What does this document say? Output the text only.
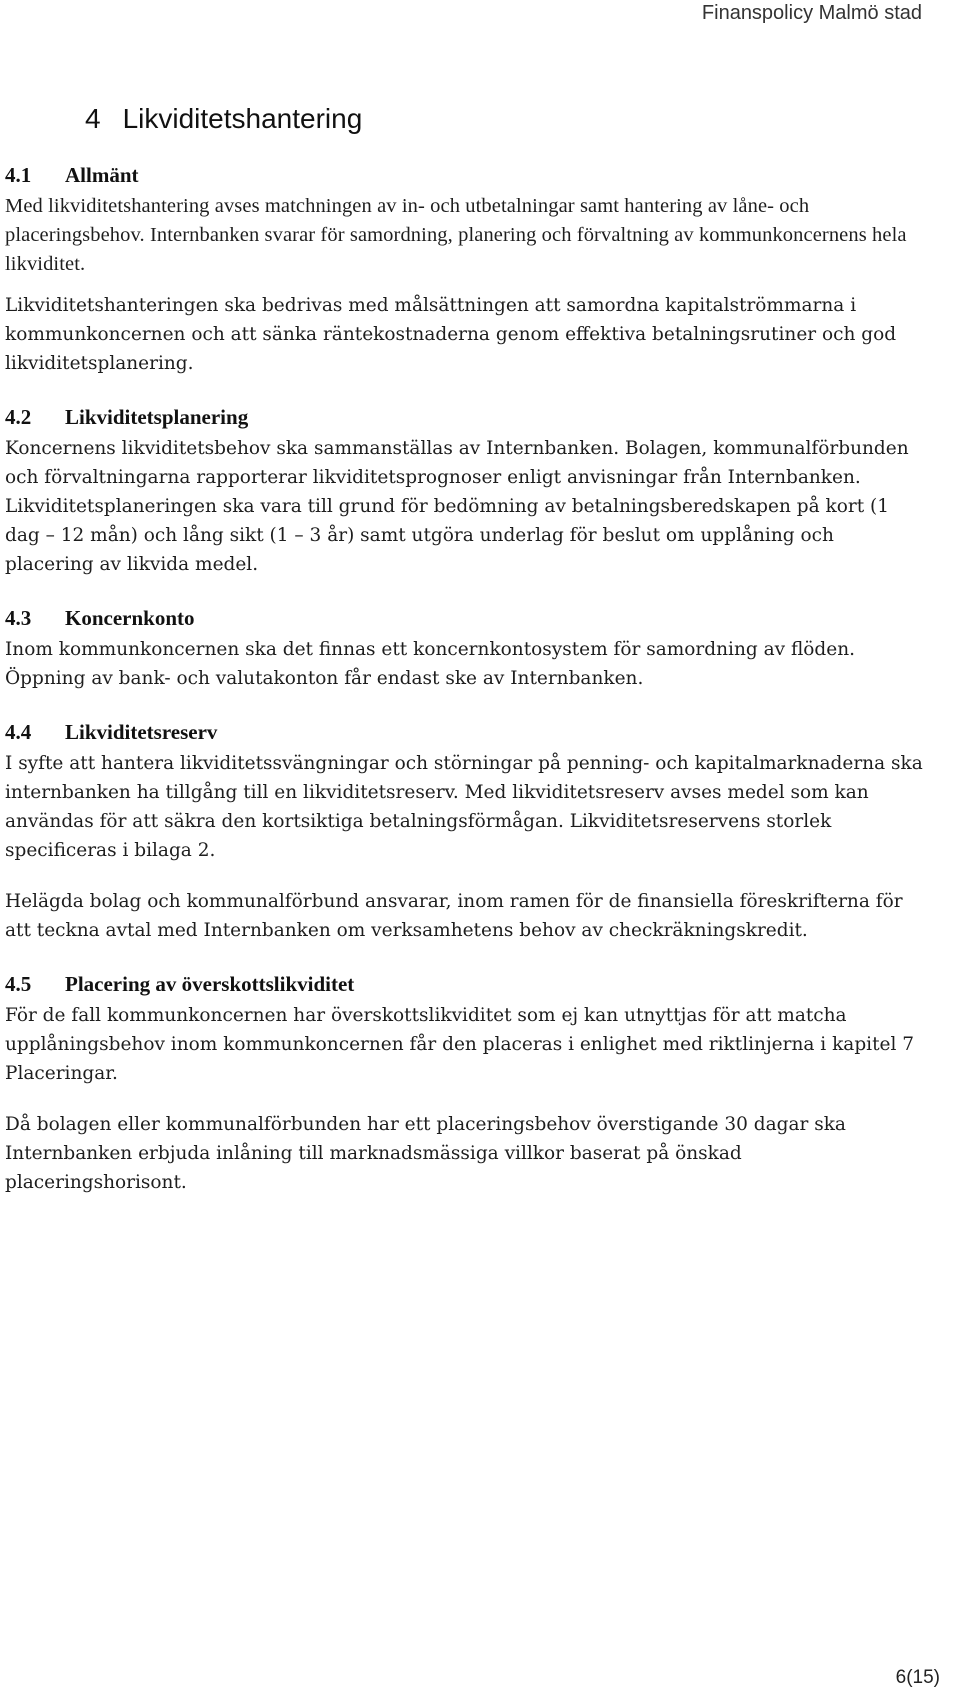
Finanspolicy Malmö stad
4 Likviditetshantering
4.1 Allmänt

Med likviditetshantering avses matchningen av in- och utbetalningar samt hantering av låne- och placeringsbehov. Internbanken svarar för samordning, planering och förvaltning av kommunkoncernens hela likviditet.

Likviditetshanteringen ska bedrivas med målsättningen att samordna kapitalströmmarna i kommunkoncernen och att sänka räntekostnaderna genom effektiva betalningsrutiner och god likviditetsplanering.

4.2 Likviditetsplanering

Koncernens likviditetsbehov ska sammanställas av Internbanken. Bolagen, kommunalförbunden och förvaltningarna rapporterar likviditetsprognoser enligt anvisningar från Internbanken. Likviditetsplaneringen ska vara till grund för bedömning av betalningsberedskapen på kort (1 dag – 12 mån) och lång sikt (1 – 3 år) samt utgöra underlag för beslut om upplåning och placering av likvida medel.

4.3 Koncernkonto

Inom kommunkoncernen ska det finnas ett koncernkontosystem för samordning av flöden. Öppning av bank- och valutakonton får endast ske av Internbanken.

4.4 Likviditetsreserv

I syfte att hantera likviditetssvängningar och störningar på penning- och kapitalmarknaderna ska internbanken ha tillgång till en likviditetsreserv. Med likviditetsreserv avses medel som kan användas för att säkra den kortsiktiga betalningsförmågan. Likviditetsreservens storlek specificeras i bilaga 2.

Helägda bolag och kommunalförbund ansvarar, inom ramen för de finansiella föreskrifterna för att teckna avtal med Internbanken om verksamhetens behov av checkräkningskredit.

4.5 Placering av överskottslikviditet

För de fall kommunkoncernen har överskottslikviditet som ej kan utnyttjas för att matcha upplåningsbehov inom kommunkoncernen får den placeras i enlighet med riktlinjerna i kapitel 7 Placeringar.

Då bolagen eller kommunalförbunden har ett placeringsbehov överstigande 30 dagar ska Internbanken erbjuda inlåning till marknadsmässiga villkor baserat på önskad placeringshorisont.

6(15)
